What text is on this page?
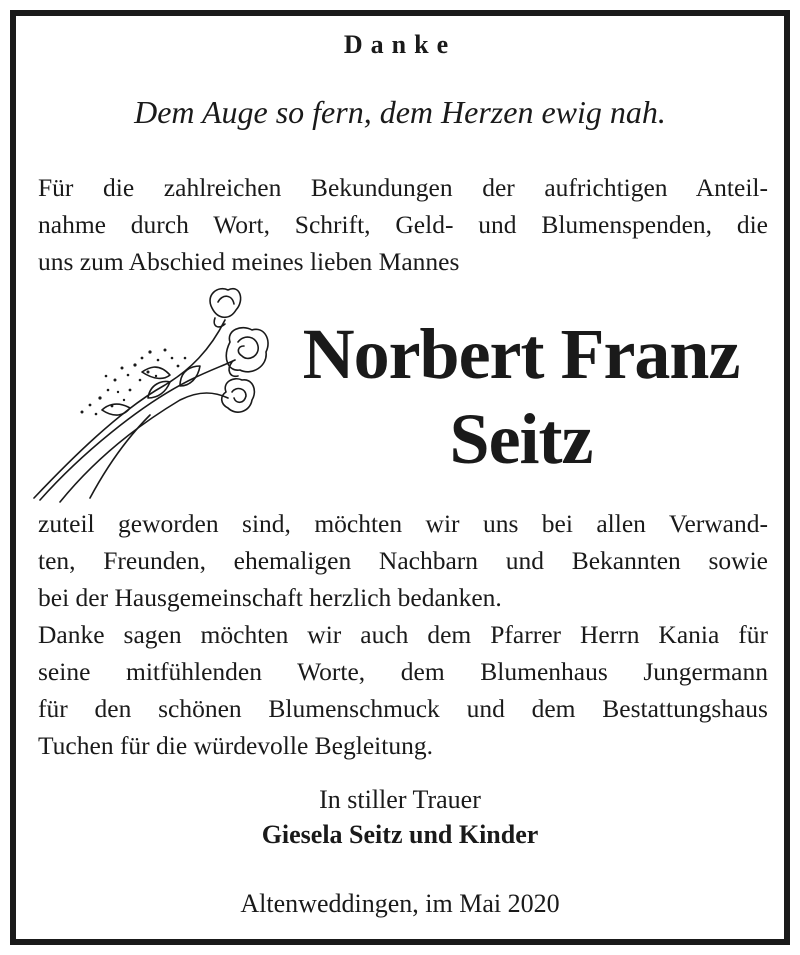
Danke
Dem Auge so fern, dem Herzen ewig nah.

Für die zahlreichen Bekundungen der aufrichtigen Anteil-
nahme durch Wort, Schrift, Geld- und Blumenspenden, die
uns zum Abschied meines lieben Mannes

Norbert Franz
Seitz

zuteil geworden sind, möchten wir uns bei allen Verwand-
ten, Freunden, ehemaligen Nachbarn und Bekannten sowie
bei der Hausgemeinschaft herzlich bedanken.
Danke sagen möchten wir auch dem Pfarrer Herrn Kania für
seine mitfühlenden Worte, dem Blumenhaus Jungermann
für den schönen Blumenschmuck und dem Bestattungshaus
Tuchen für die würdevolle Begleitung.

In stiller Trauer
Giesela Seitz und Kinder
Altenweddingen, im Mai 2020
